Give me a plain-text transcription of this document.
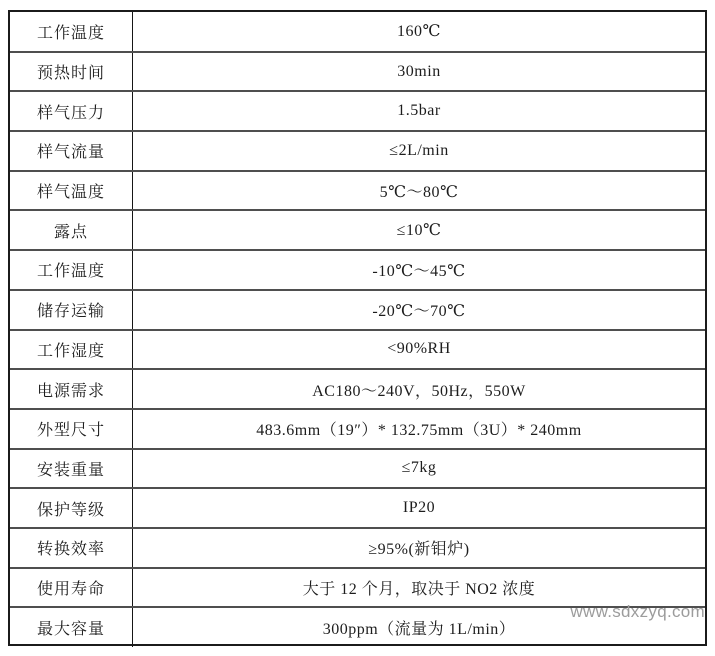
工作温度	160℃
预热时间	30min
样气压力	1.5bar
样气流量	≤2L/min
样气温度	5℃～80℃
露点	≤10℃
工作温度	-10℃～45℃
储存运输	-20℃～70℃
工作湿度	<90%RH
电源需求	AC180～240V，50Hz，550W
外型尺寸	483.6mm（19″）* 132.75mm（3U）* 240mm
安装重量	≤7kg
保护等级	IP20
转换效率	≥95%(新钼炉)
使用寿命	大于 12 个月，取决于 NO2 浓度
最大容量	300ppm（流量为 1L/min）
www.sdxzyq.com
